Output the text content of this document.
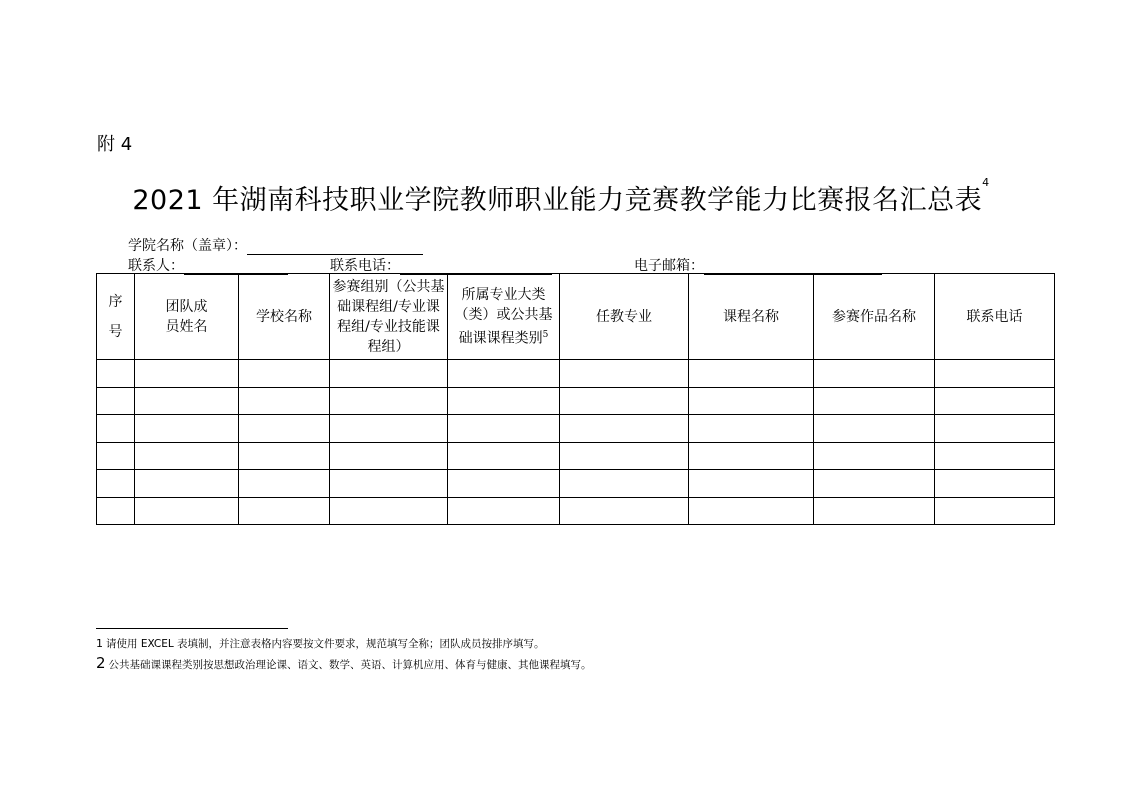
附 4
2021 年湖南科技职业学院教师职业能力竞赛教学能力比赛报名汇总表$^4$
学院名称（盖章）：
联系人：	联系电话：	电子邮箱：
序
号	团队成员姓名	学校名称	参赛组别（公共基础课程组/专业课程组/专业技能课程组）	所属专业大类（类）或公共基础课课程类别$^5$	任教专业	课程名称	参赛作品名称	联系电话

1 请使用 EXCEL 表填制，并注意表格内容要按文件要求，规范填写全称；团队成员按排序填写。
2 公共基础课课程类别按思想政治理论课、语文、数学、英语、计算机应用、体育与健康、其他课程填写。
